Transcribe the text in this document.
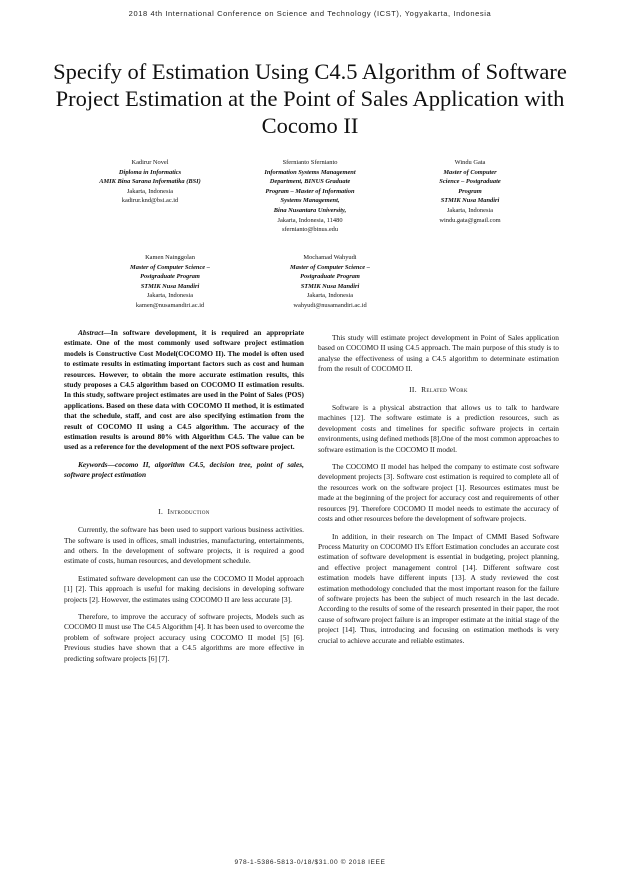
2018 4th International Conference on Science and Technology (ICST), Yogyakarta, Indonesia
Specify of Estimation Using C4.5 Algorithm of Software Project Estimation at the Point of Sales Application with Cocomo II
Kadirur Novel
Diploma in Informatics
AMIK Bina Sarana Informatika (BSI)
Jakarta, Indonesia
kadirur.knd@bsi.ac.id
Sfernianto Sfernianto
Information Systems Management
Department, BINUS Graduate
Program – Master of Information
Systems Management,
Bina Nusantara University,
Jakarta, Indonesia, 11480
sfernianto@binus.edu
Windu Gata
Master of Computer
Science – Postgraduate
Program
STMIK Nusa Mandiri
Jakarta, Indonesia
windu.gata@gmail.com
Kamen Nainggolan
Master of Computer Science –
Postgraduate Program
STMIK Nusa Mandiri
Jakarta, Indonesia
kamen@nusamandiri.ac.id
Mochamad Wahyudi
Master of Computer Science –
Postgraduate Program
STMIK Nusa Mandiri
Jakarta, Indonesia
wahyudi@nusamandiri.ac.id

Abstract—In software development, it is required an appropriate estimate. One of the most commonly used software project estimation models is Constructive Cost Model(COCOMO II). The model is often used to estimate results in estimating important factors such as cost and human resources. However, to obtain the more accurate estimation results, this study proposes a C4.5 algorithm based on COCOMO II estimation results. In this study, software project estimates are used in the Point of Sales (POS) applications. Based on these data with COCOMO II method, it is estimated that the schedule, staff, and cost are also specifying estimation from the result of COCOMO II using a C4.5 algorithm. The accuracy of the estimation results is around 80% with Algorithm C4.5. The value can be used as a reference for the development of the next POS software project.

Keywords—cocomo II, algorithm C4.5, decision tree, point of sales, software project estimation

I. Introduction

Currently, the software has been used to support various business activities. The software is used in offices, small industries, manufacturing, entertainments, and others. In the development of software projects, it is required a good estimate of costs, human resources, and development schedule.

Estimated software development can use the COCOMO II Model approach [1] [2]. This approach is useful for making decisions in developing software projects [2]. However, the estimates using COCOMO II are less accurate [3].

Therefore, to improve the accuracy of software projects, Models such as COCOMO II must use The C4.5 Algorithm [4]. It has been used to overcome the problem of software project accuracy using COCOMO II model [5] [6]. Previous studies have shown that a C4.5 algorithms are more effective in predicting software projects [6] [7].

This study will estimate project development in Point of Sales application based on COCOMO II using C4.5 approach. The main purpose of this study is to analyse the effectiveness of using a C4.5 algorithm to determinate estimation from the result of COCOMO II.

II. Related Work

Software is a physical abstraction that allows us to talk to hardware machines [12]. The software estimate is a prediction resources, such as development costs and timelines for specific software projects in certain environments, using defined methods [8].One of the most common approaches to software estimation is the COCOMO II model.

The COCOMO II model has helped the company to estimate cost software development projects [3]. Software cost estimation is required to complete all of the resources work on the software project [1]. Resources estimates must be made at the beginning of the project for accuracy cost and requirements of other resources [9]. Therefore COCOMO II model needs to estimate the accuracy of costs and other resources before the development of software projects.

In addition, in their research on The Impact of CMMI Based Software Process Maturity on COCOMO II's Effort Estimation concludes an accurate cost estimation of software development is essential in budgeting, project planning, and effective project management control [14]. Different software cost estimation models have different inputs [13]. A study reviewed the cost estimation methodology concluded that the most important reason for the failure of software projects has been the subject of much research in the last decade. According to the results of some of the research presented in their paper, the root cause of software project failure is an improper estimate at the initial stage of the project [14]. Thus, introducing and focusing on estimation methods is very crucial to achieve accurate and reliable estimates.

978-1-5386-5813-0/18/$31.00 © 2018 IEEE
